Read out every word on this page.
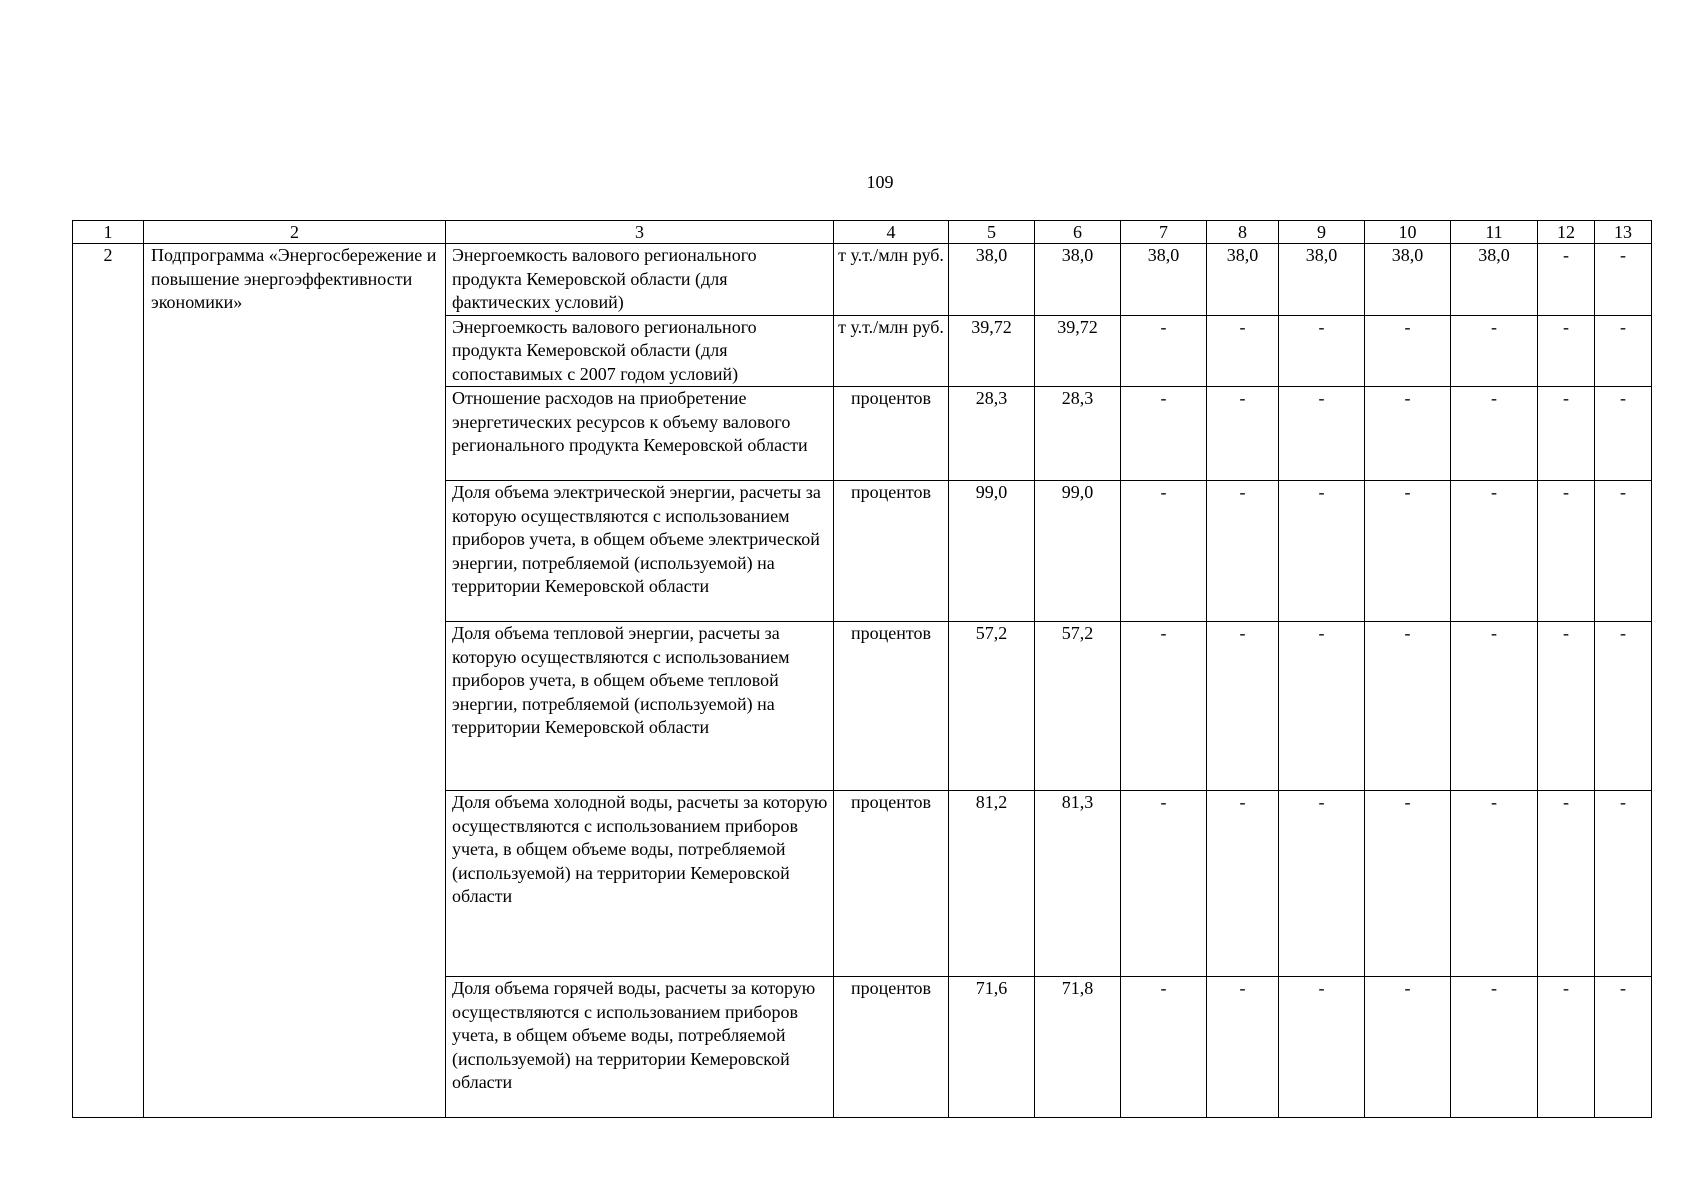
109
1	2	3	4	5	6	7	8	9	10	11	12	13
2	Подпрограмма «Энергосбережение и повышение энергоэффективности экономики»	Энергоемкость валового регионального продукта Кемеровской области (для фактических условий)	т у.т./млн руб.	38,0	38,0	38,0	38,0	38,0	38,0	38,0	-	-
		Энергоемкость валового регионального продукта Кемеровской области (для сопоставимых с 2007 годом условий)	т у.т./млн руб.	39,72	39,72	-	-	-	-	-	-	-
		Отношение расходов на приобретение энергетических ресурсов к объему валового регионального продукта Кемеровской области	процентов	28,3	28,3	-	-	-	-	-	-	-
		Доля объема электрической энергии, расчеты за которую осуществляются с использованием приборов учета, в общем объеме электрической энергии, потребляемой (используемой) на территории Кемеровской области	процентов	99,0	99,0	-	-	-	-	-	-	-
		Доля объема тепловой энергии, расчеты за которую осуществляются с использованием приборов учета, в общем объеме тепловой энергии, потребляемой (используемой) на территории Кемеровской области	процентов	57,2	57,2	-	-	-	-	-	-	-
		Доля объема холодной воды, расчеты за которую осуществляются с использованием приборов учета, в общем объеме воды, потребляемой (используемой) на территории Кемеровской области	процентов	81,2	81,3	-	-	-	-	-	-	-
		Доля объема горячей воды, расчеты за которую осуществляются с использованием приборов учета, в общем объеме воды, потребляемой (используемой) на территории Кемеровской области	процентов	71,6	71,8	-	-	-	-	-	-	-
